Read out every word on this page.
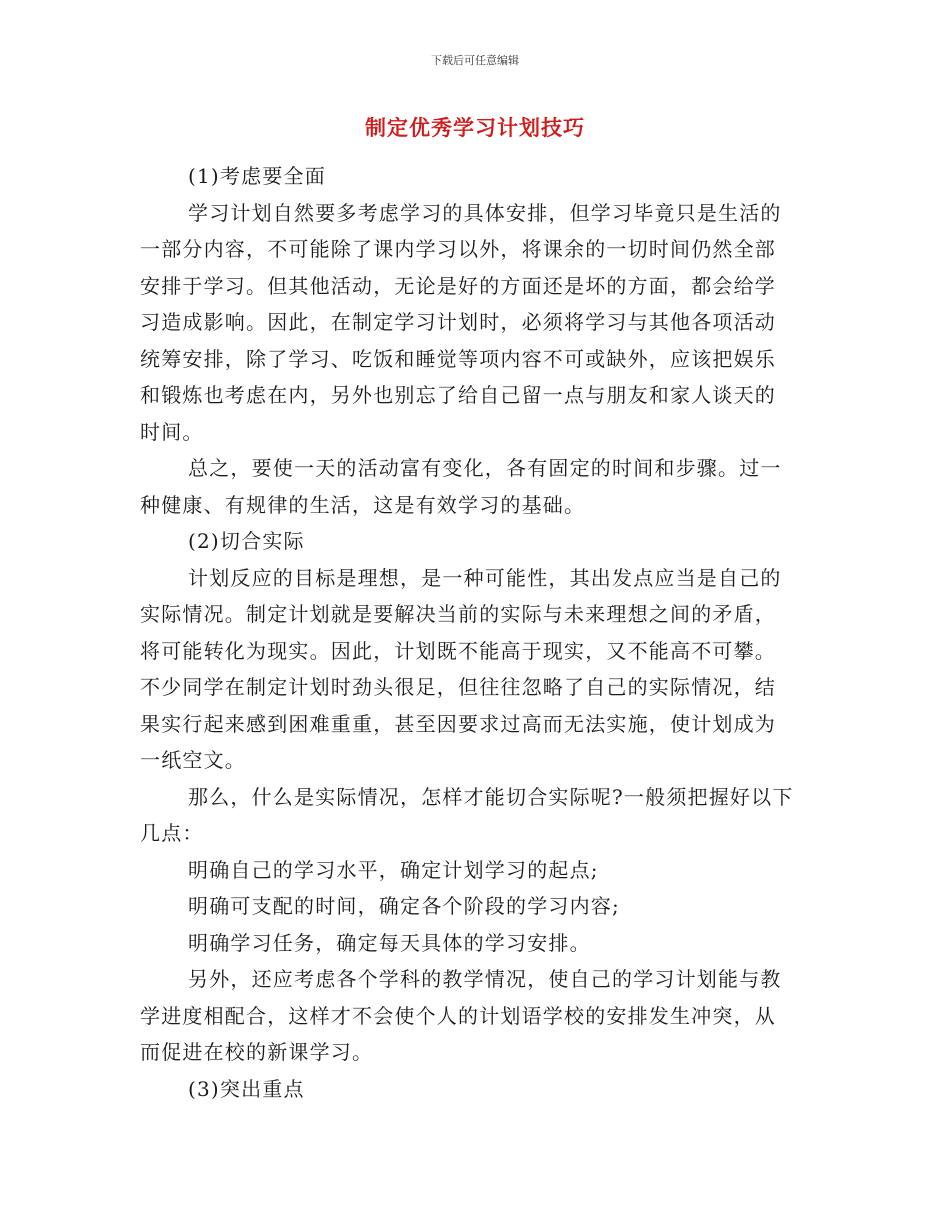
下载后可任意编辑
制定优秀学习计划技巧
(1)考虑要全面
学习计划自然要多考虑学习的具体安排，但学习毕竟只是生活的
一部分内容，不可能除了课内学习以外，将课余的一切时间仍然全部
安排于学习。但其他活动，无论是好的方面还是坏的方面，都会给学
习造成影响。因此，在制定学习计划时，必须将学习与其他各项活动
统筹安排，除了学习、吃饭和睡觉等项内容不可或缺外，应该把娱乐
和锻炼也考虑在内，另外也别忘了给自己留一点与朋友和家人谈天的
时间。
总之，要使一天的活动富有变化，各有固定的时间和步骤。过一
种健康、有规律的生活，这是有效学习的基础。
(2)切合实际
计划反应的目标是理想，是一种可能性，其出发点应当是自己的
实际情况。制定计划就是要解决当前的实际与未来理想之间的矛盾，
将可能转化为现实。因此，计划既不能高于现实，又不能高不可攀。
不少同学在制定计划时劲头很足，但往往忽略了自己的实际情况，结
果实行起来感到困难重重，甚至因要求过高而无法实施，使计划成为
一纸空文。
那么，什么是实际情况，怎样才能切合实际呢?一般须把握好以下
几点：
明确自己的学习水平，确定计划学习的起点;
明确可支配的时间，确定各个阶段的学习内容;
明确学习任务，确定每天具体的学习安排。
另外，还应考虑各个学科的教学情况，使自己的学习计划能与教
学进度相配合，这样才不会使个人的计划语学校的安排发生冲突，从
而促进在校的新课学习。
(3)突出重点
